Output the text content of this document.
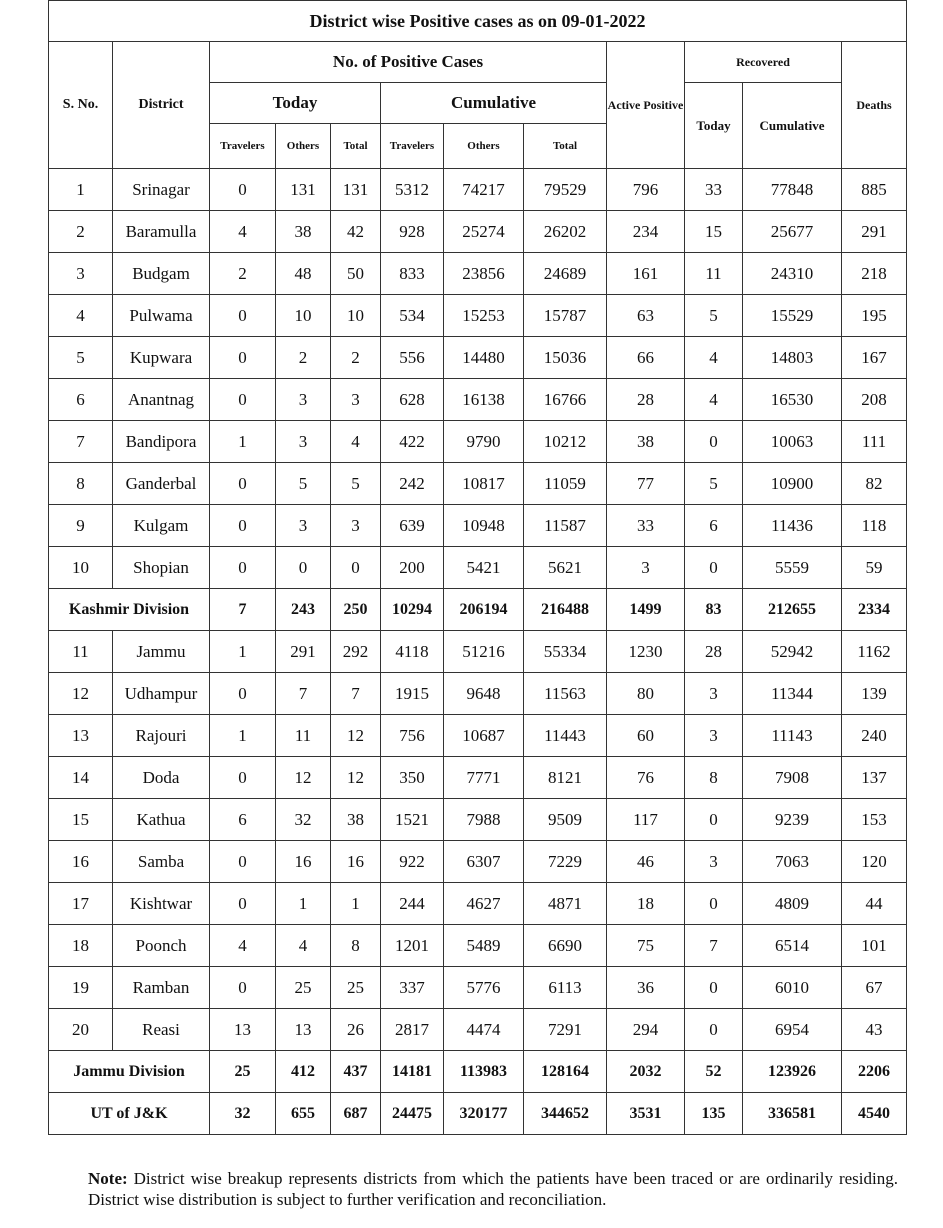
District wise Positive cases as on 09-01-2022											
S. No.	District	No. of Positive Cases						Active Positive	Recovered		Deaths
		Today			Cumulative				Today	Cumulative	
		Travelers	Others	Total	Travelers	Others	Total				
1	Srinagar	0	131	131	5312	74217	79529	796	33	77848	885
2	Baramulla	4	38	42	928	25274	26202	234	15	25677	291
3	Budgam	2	48	50	833	23856	24689	161	11	24310	218
4	Pulwama	0	10	10	534	15253	15787	63	5	15529	195
5	Kupwara	0	2	2	556	14480	15036	66	4	14803	167
6	Anantnag	0	3	3	628	16138	16766	28	4	16530	208
7	Bandipora	1	3	4	422	9790	10212	38	0	10063	111
8	Ganderbal	0	5	5	242	10817	11059	77	5	10900	82
9	Kulgam	0	3	3	639	10948	11587	33	6	11436	118
10	Shopian	0	0	0	200	5421	5621	3	0	5559	59
Kashmir Division		7	243	250	10294	206194	216488	1499	83	212655	2334
11	Jammu	1	291	292	4118	51216	55334	1230	28	52942	1162
12	Udhampur	0	7	7	1915	9648	11563	80	3	11344	139
13	Rajouri	1	11	12	756	10687	11443	60	3	11143	240
14	Doda	0	12	12	350	7771	8121	76	8	7908	137
15	Kathua	6	32	38	1521	7988	9509	117	0	9239	153
16	Samba	0	16	16	922	6307	7229	46	3	7063	120
17	Kishtwar	0	1	1	244	4627	4871	18	0	4809	44
18	Poonch	4	4	8	1201	5489	6690	75	7	6514	101
19	Ramban	0	25	25	337	5776	6113	36	0	6010	67
20	Reasi	13	13	26	2817	4474	7291	294	0	6954	43
Jammu Division		25	412	437	14181	113983	128164	2032	52	123926	2206
UT of J&K		32	655	687	24475	320177	344652	3531	135	336581	4540
Note: District wise breakup represents districts from which the patients have been traced or are ordinarily residing. District wise distribution is subject to further verification and reconciliation.
